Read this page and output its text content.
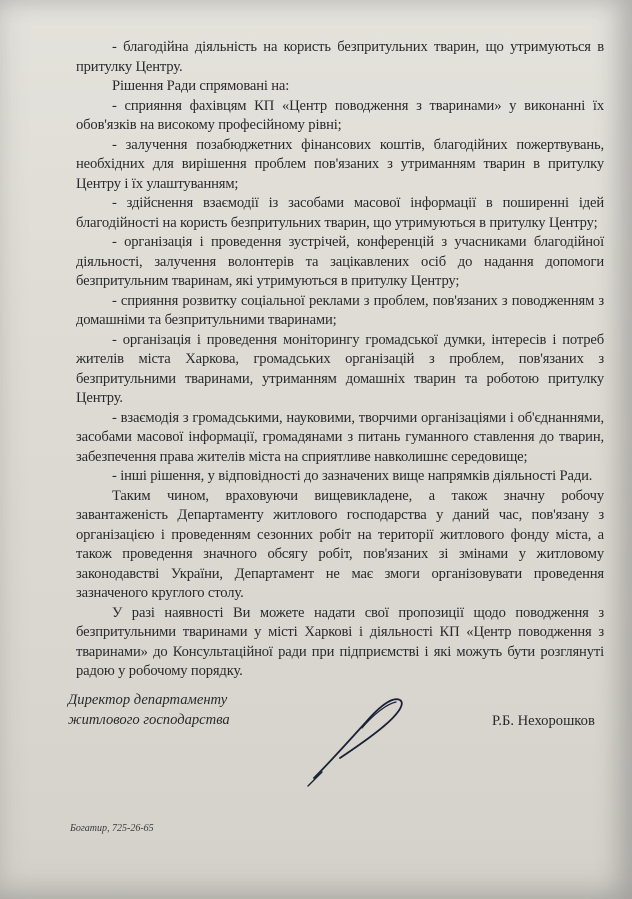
- благодійна діяльність на користь безпритульних тварин, що утримуються в притулку Центру.

Рішення Ради спрямовані на:

- сприяння фахівцям КП «Центр поводження з тваринами» у виконанні їх обов'язків на високому професійному рівні;

- залучення позабюджетних фінансових коштів, благодійних пожертвувань, необхідних для вирішення проблем пов'язаних з утриманням тварин в притулку Центру і їх улаштуванням;

- здійснення взаємодії із засобами масової інформації в поширенні ідей благодійності на користь безпритульних тварин, що утримуються в притулку Центру;

- організація і проведення зустрічей, конференцій з учасниками благодійної діяльності, залучення волонтерів та зацікавлених осіб до надання допомоги безпритульним тваринам, які утримуються в притулку Центру;

- сприяння розвитку соціальної реклами з проблем, пов'язаних з поводженням з домашніми та безпритульними тваринами;

- організація і проведення моніторингу громадської думки, інтересів і потреб жителів міста Харкова, громадських організацій з проблем, пов'язаних з безпритульними тваринами, утриманням домашніх тварин та роботою притулку Центру.

- взаємодія з громадськими, науковими, творчими організаціями і об'єднаннями, засобами масової інформації, громадянами з питань гуманного ставлення до тварин, забезпечення права жителів міста на сприятливе навколишнє середовище;

- інші рішення, у відповідності до зазначених вище напрямків діяльності Ради.

Таким чином, враховуючи вищевикладене, а також значну робочу завантаженість Департаменту житлового господарства у даний час, пов'язану з організацією і проведенням сезонних робіт на території житлового фонду міста, а також проведення значного обсягу робіт, пов'язаних зі змінами у житловому законодавстві України, Департамент не має змоги організовувати проведення зазначеного круглого столу.

У разі наявності Ви можете надати свої пропозиції щодо поводження з безпритульними тваринами у місті Харкові і діяльності КП «Центр поводження з тваринами» до Консультаційної ради при підприємстві і які можуть бути розглянуті радою у робочому порядку.

Директор департаменту
житлового господарства	Р.Б. Нехорошков
Богатир, 725-26-65
